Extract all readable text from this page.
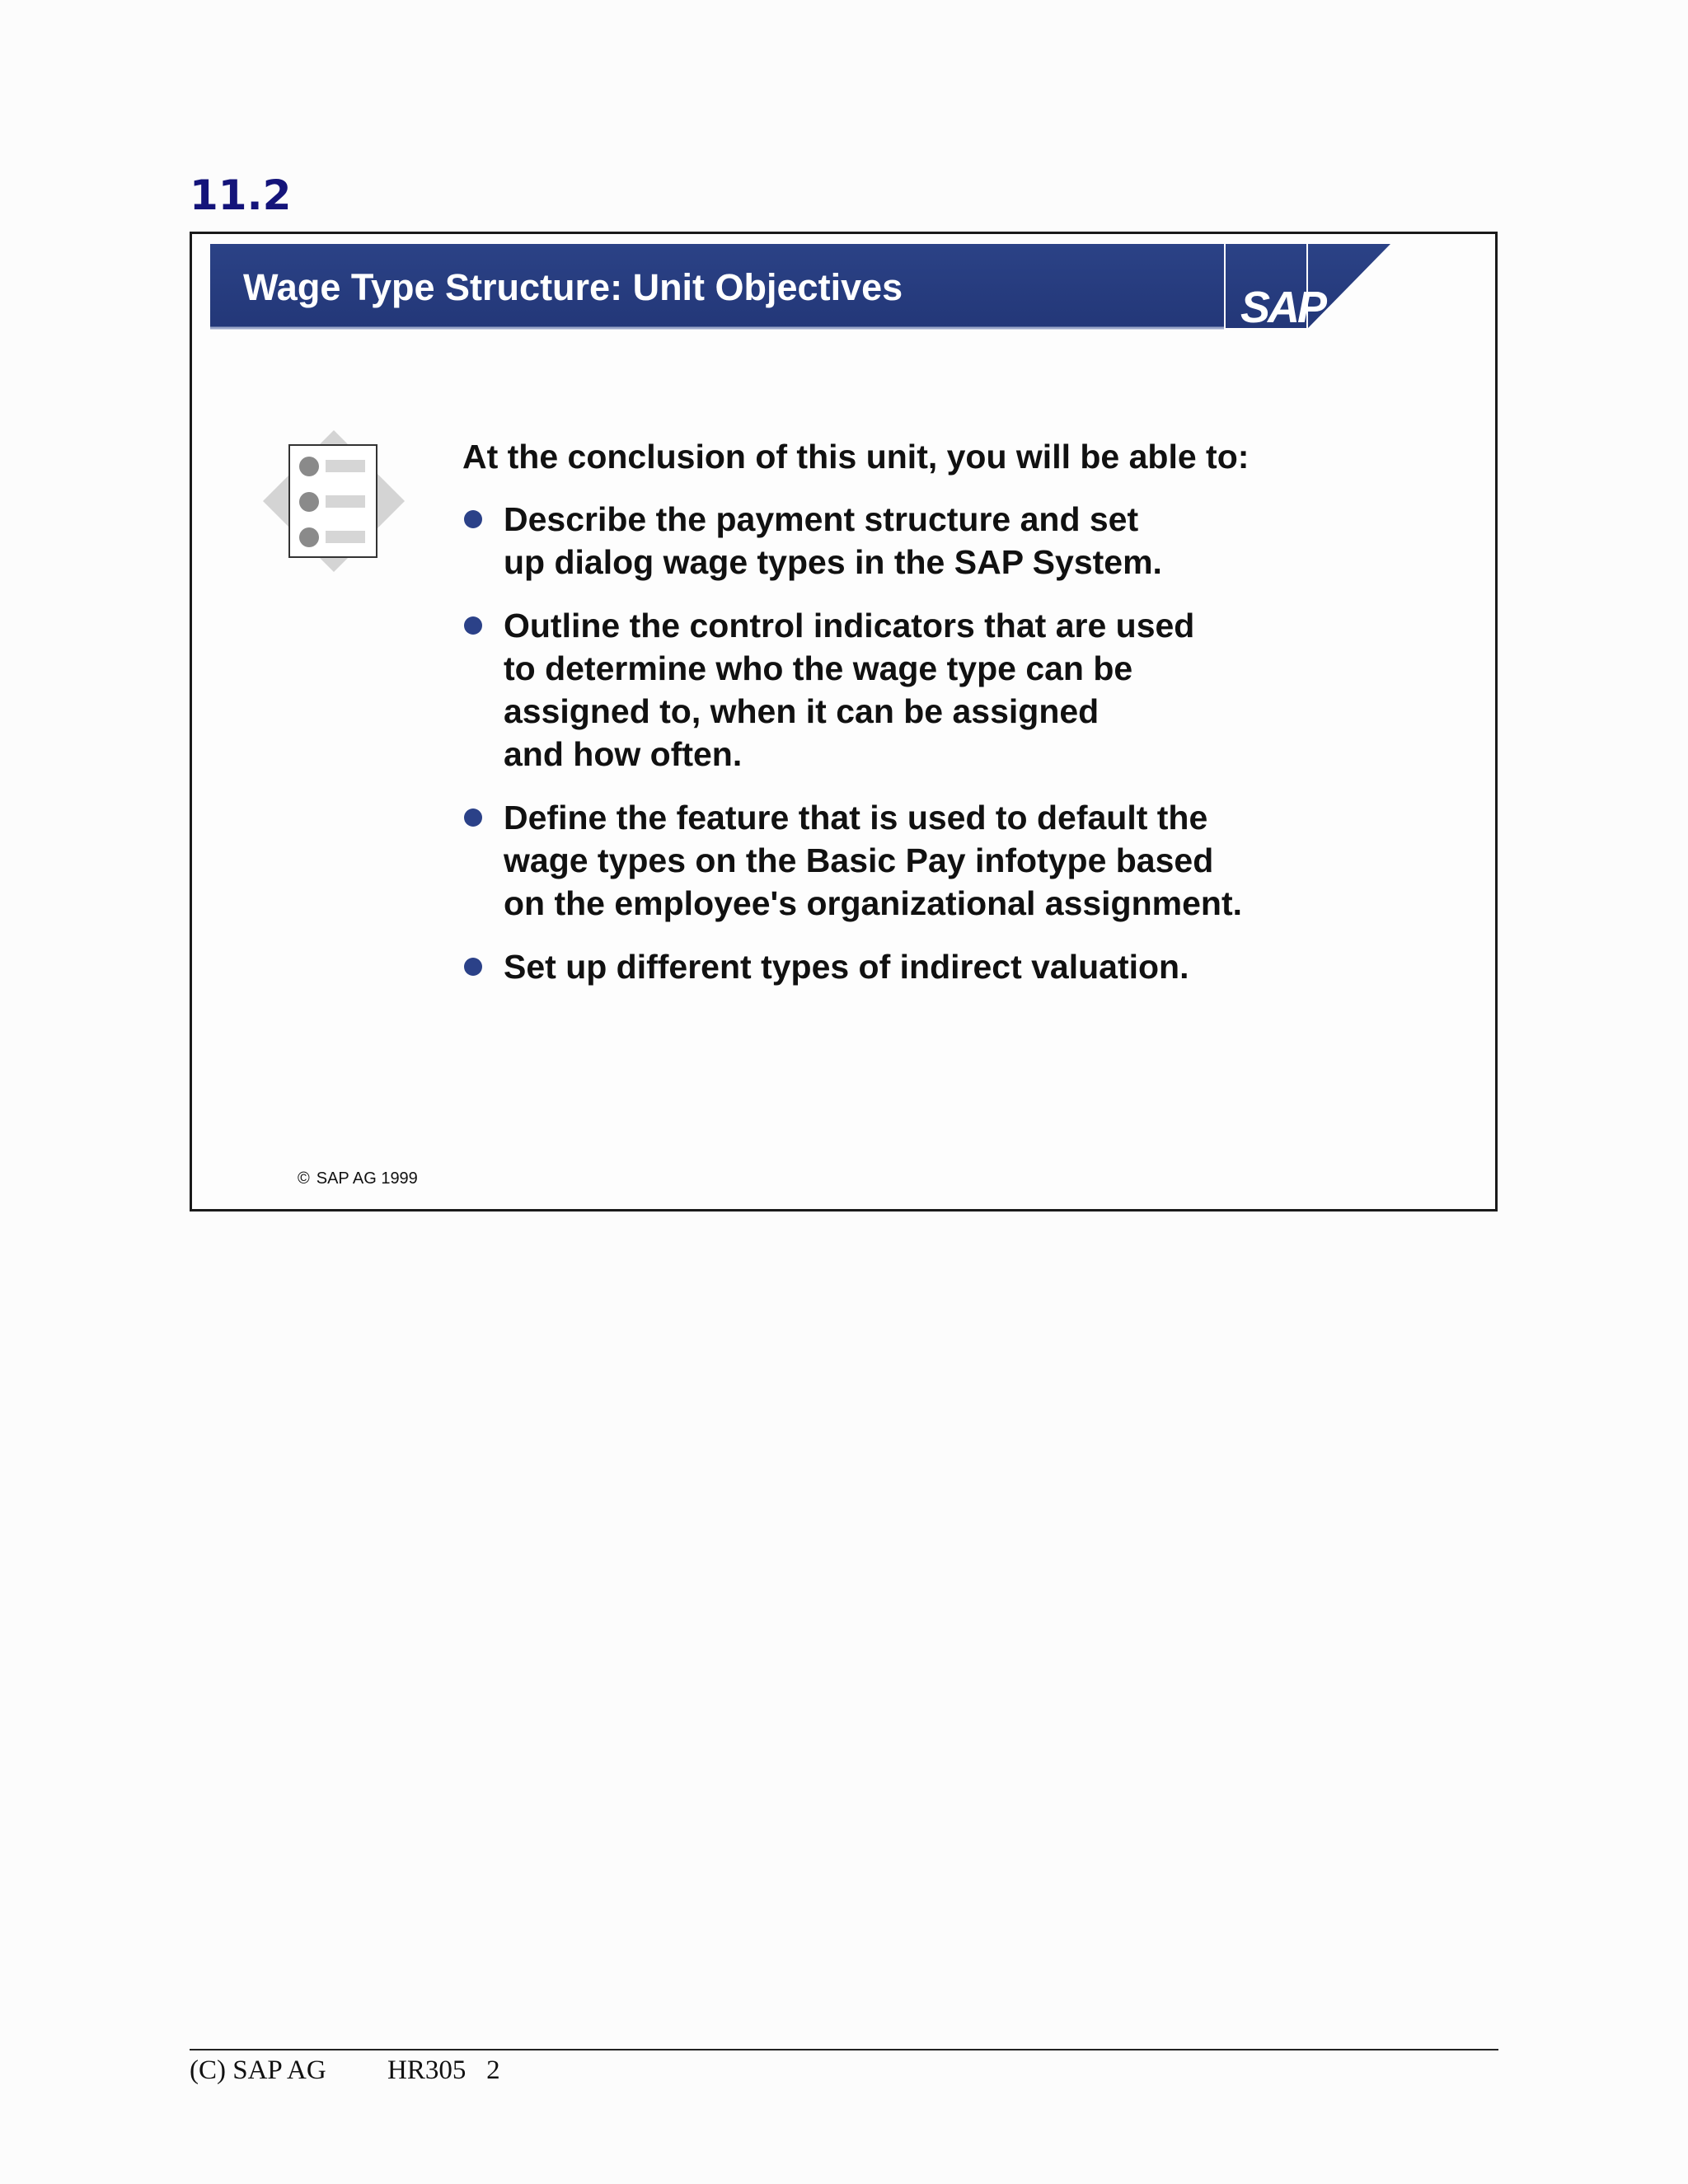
11.2
Wage Type Structure: Unit Objectives	SAP

At the conclusion of this unit, you will be able to:

Describe the payment structure and set
up dialog wage types in the SAP System.
Outline the control indicators that are used
to determine who the wage type can be
assigned to, when it can be assigned
and how often.
Define the feature that is used to default the
wage types on the Basic Pay infotype based
on the employee's organizational assignment.
Set up different types of indirect valuation.
© SAP AG 1999
(C) SAP AG HR305 2
